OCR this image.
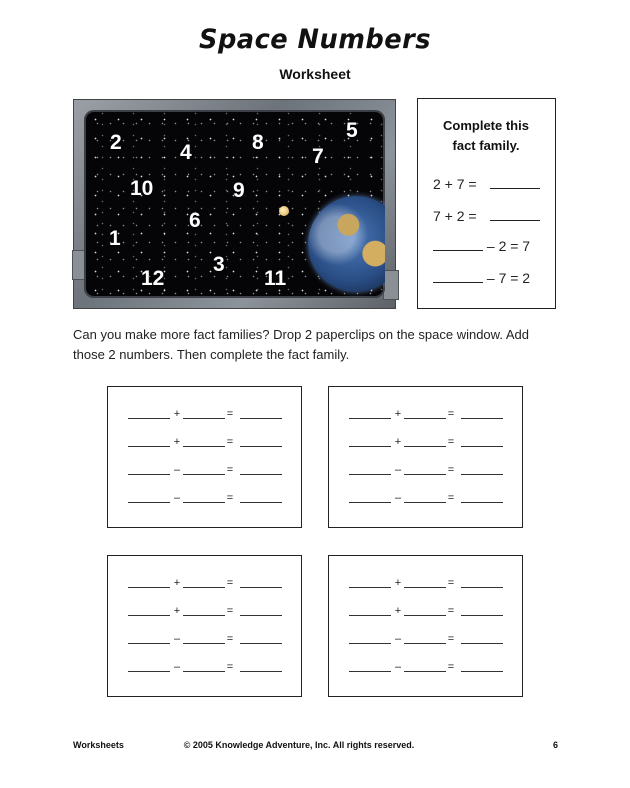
Space Numbers
Worksheet
2	4	8
5
7
10	9
6
1
3
12	11
Complete this
fact family.
2 + 7 =
7 + 2 =
– 2 = 7
– 7 = 2
Can you make more fact families? Drop 2 paperclips on the space window. Add those 2 numbers. Then complete the fact family.
+	=
+	=
–	=
–	=
+	=
+	=
–	=
–	=
+	=
+	=
–	=
–	=
+	=
+	=
–	=
–	=
Worksheets	© 2005 Knowledge Adventure, Inc. All rights reserved.	6
